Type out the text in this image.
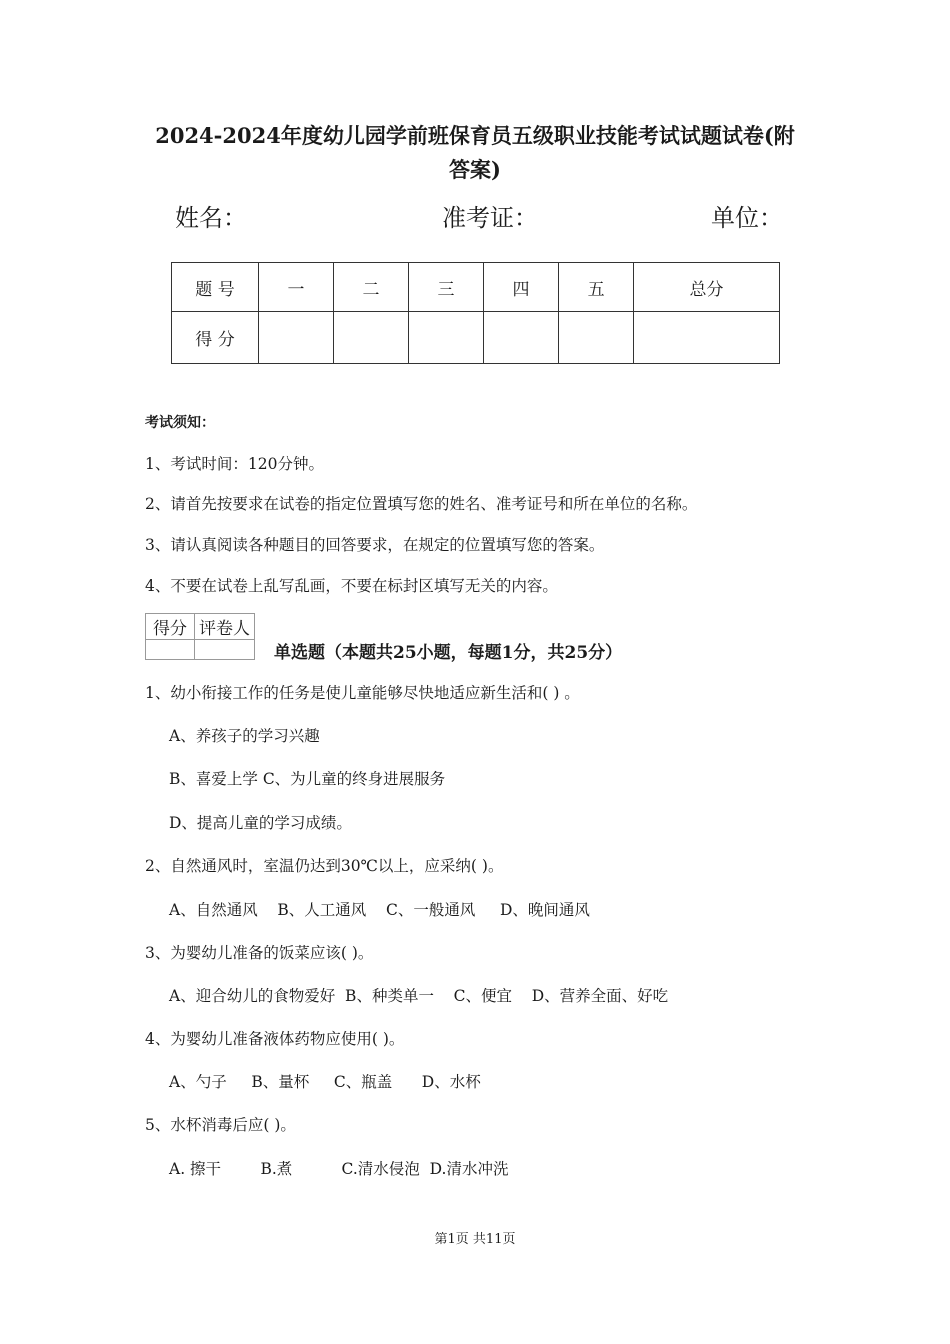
2024-2024年度幼儿园学前班保育员五级职业技能考试试题试卷(附
答案)
姓名：	准考证：	单位：
题 号	一	二	三	四	五	总分
得 分						
考试须知：
1、考试时间：120分钟。
2、请首先按要求在试卷的指定位置填写您的姓名、准考证号和所在单位的名称。
3、请认真阅读各种题目的回答要求，在规定的位置填写您的答案。
4、不要在试卷上乱写乱画，不要在标封区填写无关的内容。
得分	评卷人

单选题（本题共25小题，每题1分，共25分）
1、幼小衔接工作的任务是使儿童能够尽快地适应新生活和( ) 。
A、养孩子的学习兴趣
B、喜爱上学 C、为儿童的终身进展服务
D、提高儿童的学习成绩。
2、自然通风时，室温仍达到30℃以上，应采纳( )。
A、自然通风    B、人工通风    C、一般通风     D、晚间通风
3、为婴幼儿准备的饭菜应该( )。
A、迎合幼儿的食物爱好  B、种类单一    C、便宜    D、营养全面、好吃
4、为婴幼儿准备液体药物应使用( )。
A、勺子     B、量杯     C、瓶盖      D、水杯
5、水杯消毒后应( )。
A. 擦干        B.煮          C.清水侵泡  D.清水冲洗
第1页 共11页
